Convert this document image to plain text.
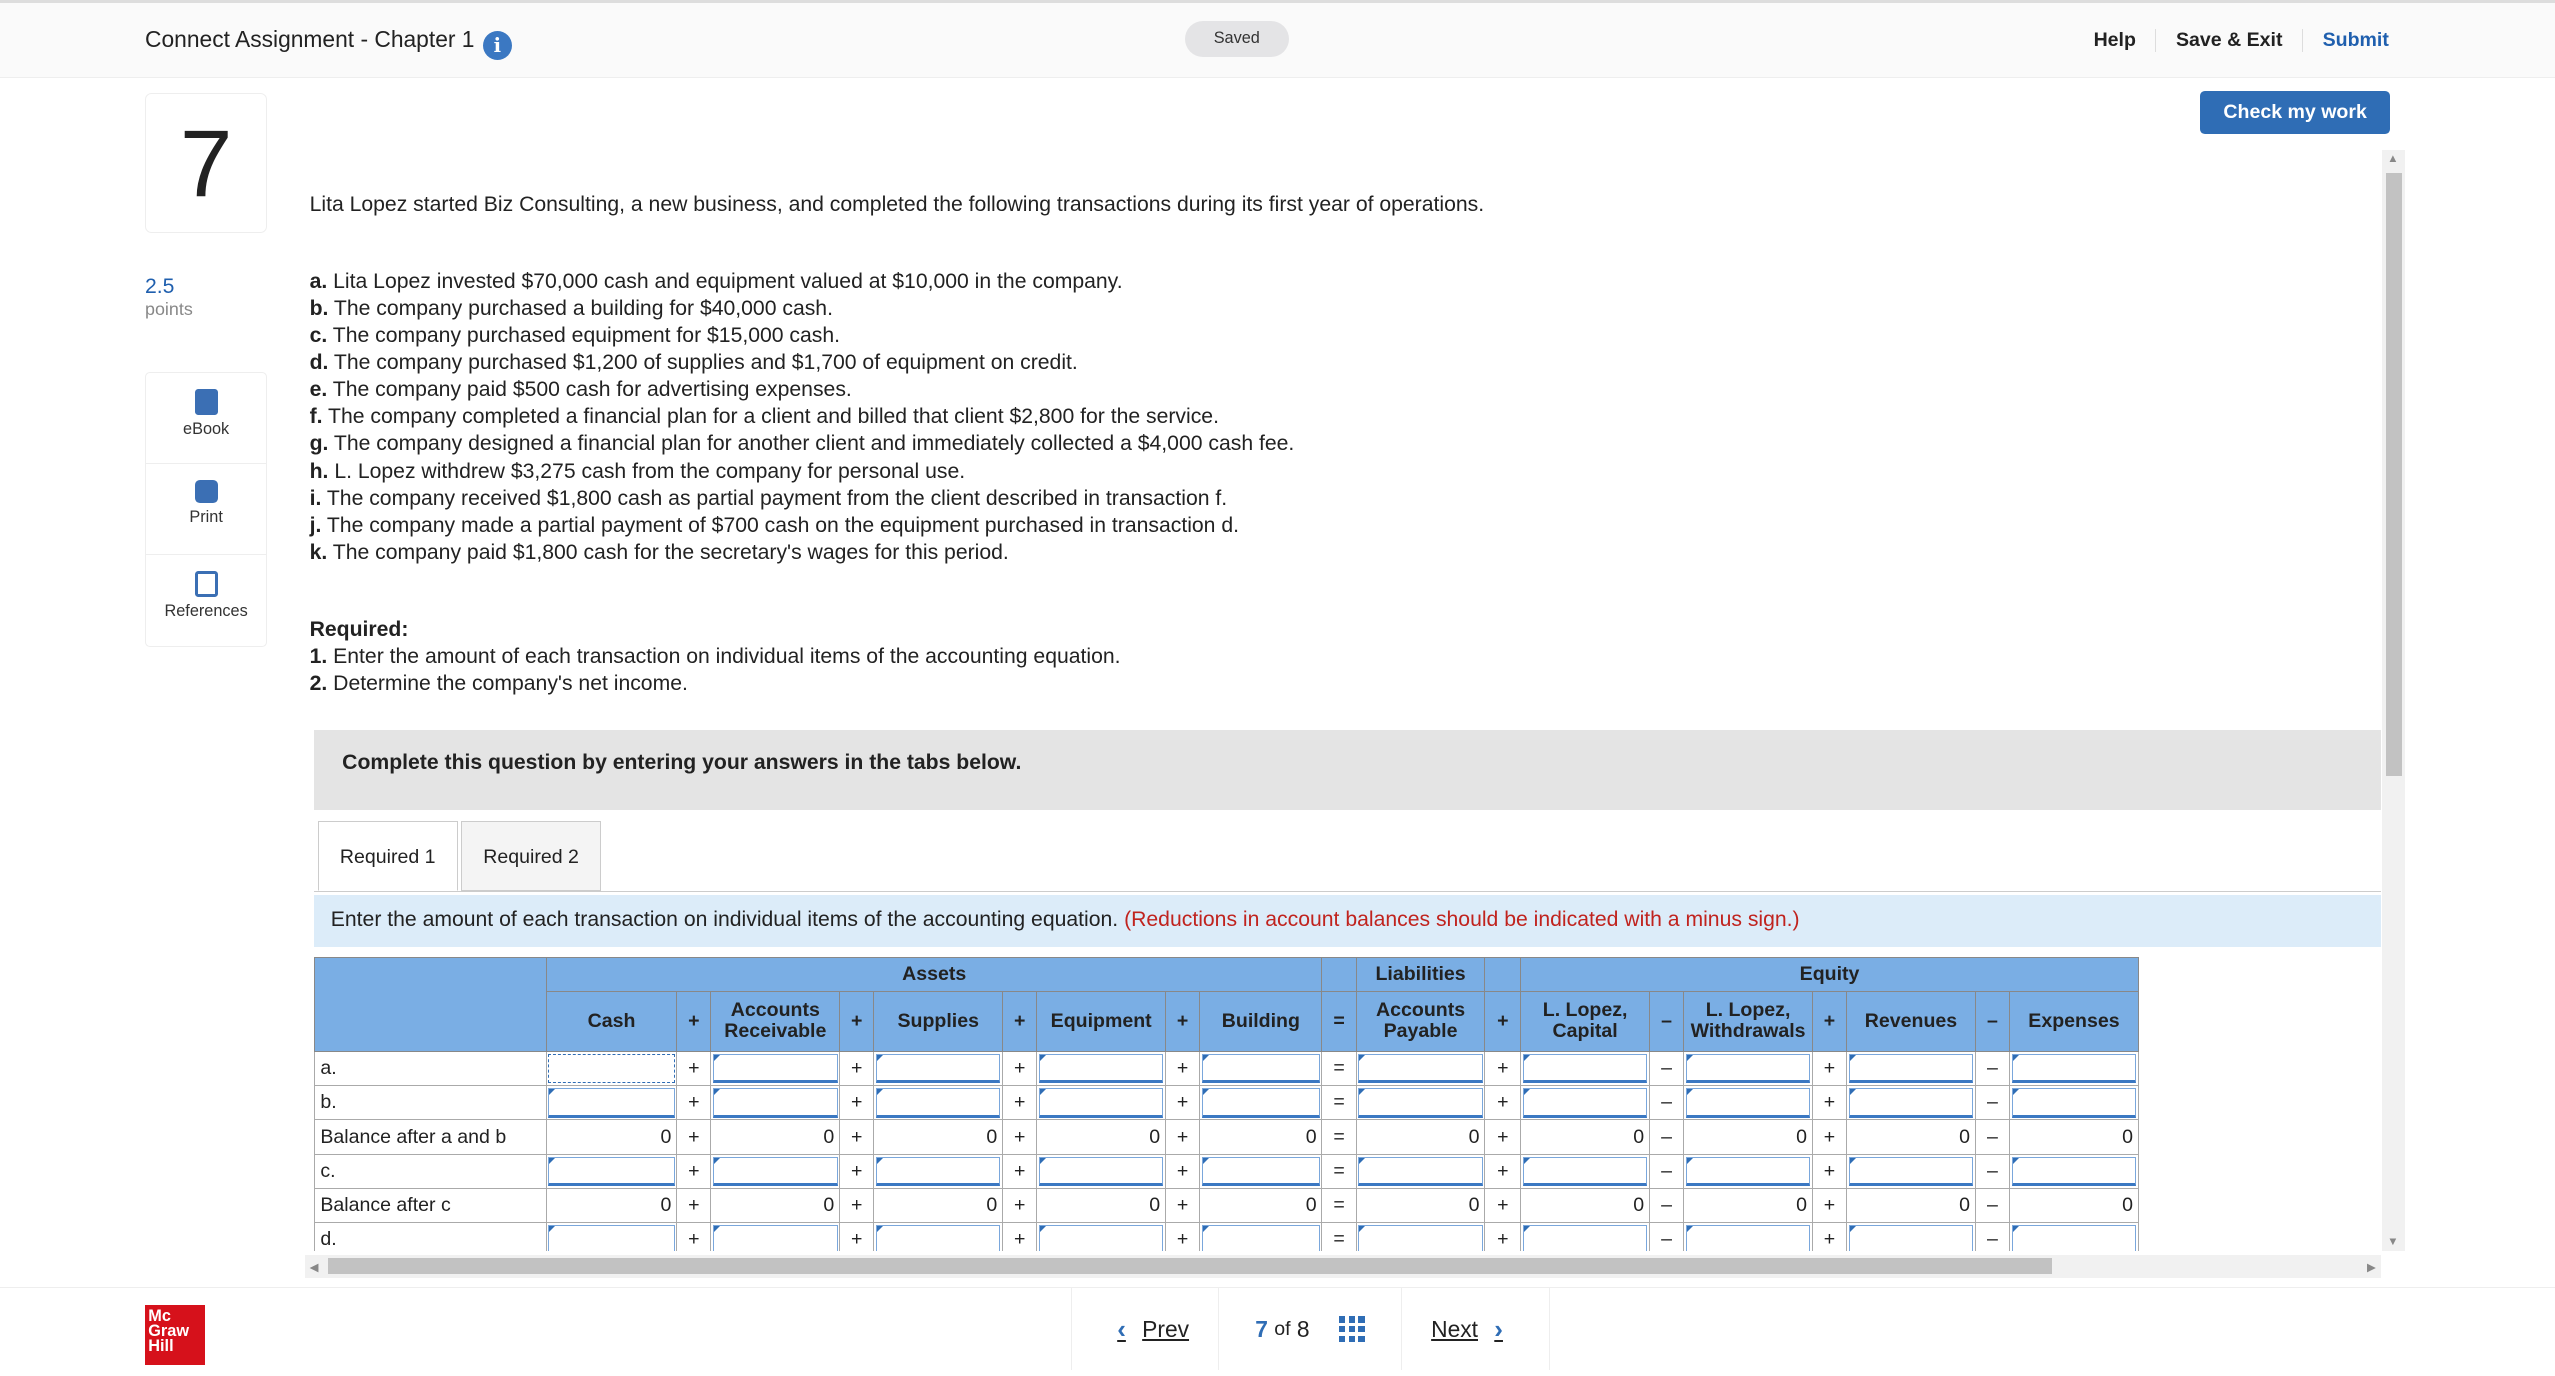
Connect Assignment - Chapter 1 i	Saved	Help	Save & Exit	Submit
7
2.5
points
eBook
Print
References
Check my work
Lita Lopez started Biz Consulting, a new business, and completed the following transactions during its first year of operations.
a. Lita Lopez invested $70,000 cash and equipment valued at $10,000 in the company.
b. The company purchased a building for $40,000 cash.
c. The company purchased equipment for $15,000 cash.
d. The company purchased $1,200 of supplies and $1,700 of equipment on credit.
e. The company paid $500 cash for advertising expenses.
f. The company completed a financial plan for a client and billed that client $2,800 for the service.
g. The company designed a financial plan for another client and immediately collected a $4,000 cash fee.
h. L. Lopez withdrew $3,275 cash from the company for personal use.
i. The company received $1,800 cash as partial payment from the client described in transaction f.
j. The company made a partial payment of $700 cash on the equipment purchased in transaction d.
k. The company paid $1,800 cash for the secretary's wages for this period.
Required:
1. Enter the amount of each transaction on individual items of the accounting equation.
2. Determine the company's net income.
Complete this question by entering your answers in the tabs below.
Required 1	Required 2
Enter the amount of each transaction on individual items of the accounting equation. (Reductions in account balances should be indicated with a minus sign.)
	Assets										Liabilities		Equity						
	Cash	+	Accounts Receivable	+	Supplies	+	Equipment	+	Building	=	Accounts Payable	+	L. Lopez, Capital	–	L. Lopez, Withdrawals	+	Revenues	–	Expenses
a.		+		+		+		+		=		+		–		+		–	

b.		+		+		+		+		=		+		–		+		–	

Balance after a and b	0	+	0	+	0	+	0	+	0	=	0	+	0	–	0	+	0	–	0
c.		+		+		+		+		=		+		–		+		–	

Balance after c	0	+	0	+	0	+	0	+	0	=	0	+	0	–	0	+	0	–	0
d.		+		+		+		+		=		+		–		+		–	
▲
▼
◀	▶
Mc
Graw
Hill
‹ Prev	7
of
8	Next ›
